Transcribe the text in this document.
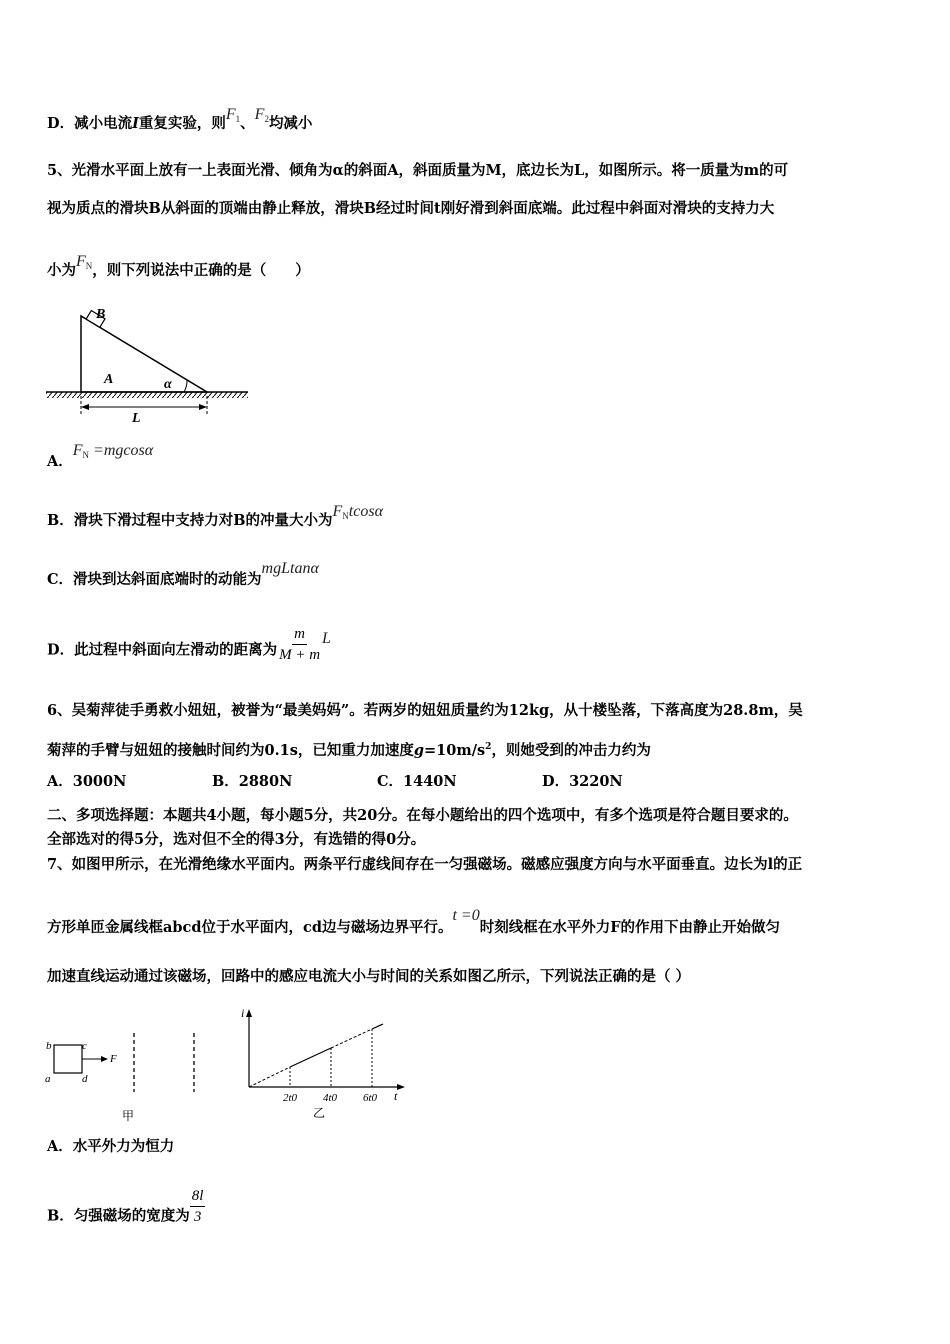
D．减小电流I重复实验，则$F_1$、$F_2$均减小
5、光滑水平面上放有一上表面光滑、倾角为α的斜面A，斜面质量为M，底边长为L，如图所示。将一质量为m的可
视为质点的滑块B从斜面的顶端由静止释放，滑块B经过时间t刚好滑到斜面底端。此过程中斜面对滑块的支持力大
小为$F_N$，则下列说法中正确的是（　　）
B
A	α
L
A．$F_N =mgcos\alpha$
B．滑块下滑过程中支持力对B的冲量大小为$F_Ntcos\alpha$
C．滑块到达斜面底端时的动能为mgLtanα
D．此过程中斜面向左滑动的距离为 $\frac{m}{M + m}$ L
6、吴菊萍徒手勇救小妞妞，被誉为“最美妈妈”。若两岁的妞妞质量约为12kg，从十楼坠落，下落高度为28.8m，吴
菊萍的手臂与妞妞的接触时间约为0.1s，已知重力加速度$g=10m/s^2$，则她受到的冲击力约为
A．3000N	B．2880N	C．1440N	D．3220N
二、多项选择题：本题共4小题，每小题5分，共20分。在每小题给出的四个选项中，有多个选项是符合题目要求的。
全部选对的得5分，选对但不全的得3分，有选错的得0分。
7、如图甲所示，在光滑绝缘水平面内。两条平行虚线间存在一匀强磁场。磁感应强度方向与水平面垂直。边长为l的正
方形单匝金属线框abcd位于水平面内，cd边与磁场边界平行。t =0时刻线框在水平外力F的作用下由静止开始做匀
加速直线运动通过该磁场，回路中的感应电流大小与时间的关系如图乙所示，下列说法正确的是（ ）
b	c
a	d
F
甲
i
t
2t0 4t0 6t0
乙
A．水平外力为恒力
B．匀强磁场的宽度为 $\frac{8l}{3}$
